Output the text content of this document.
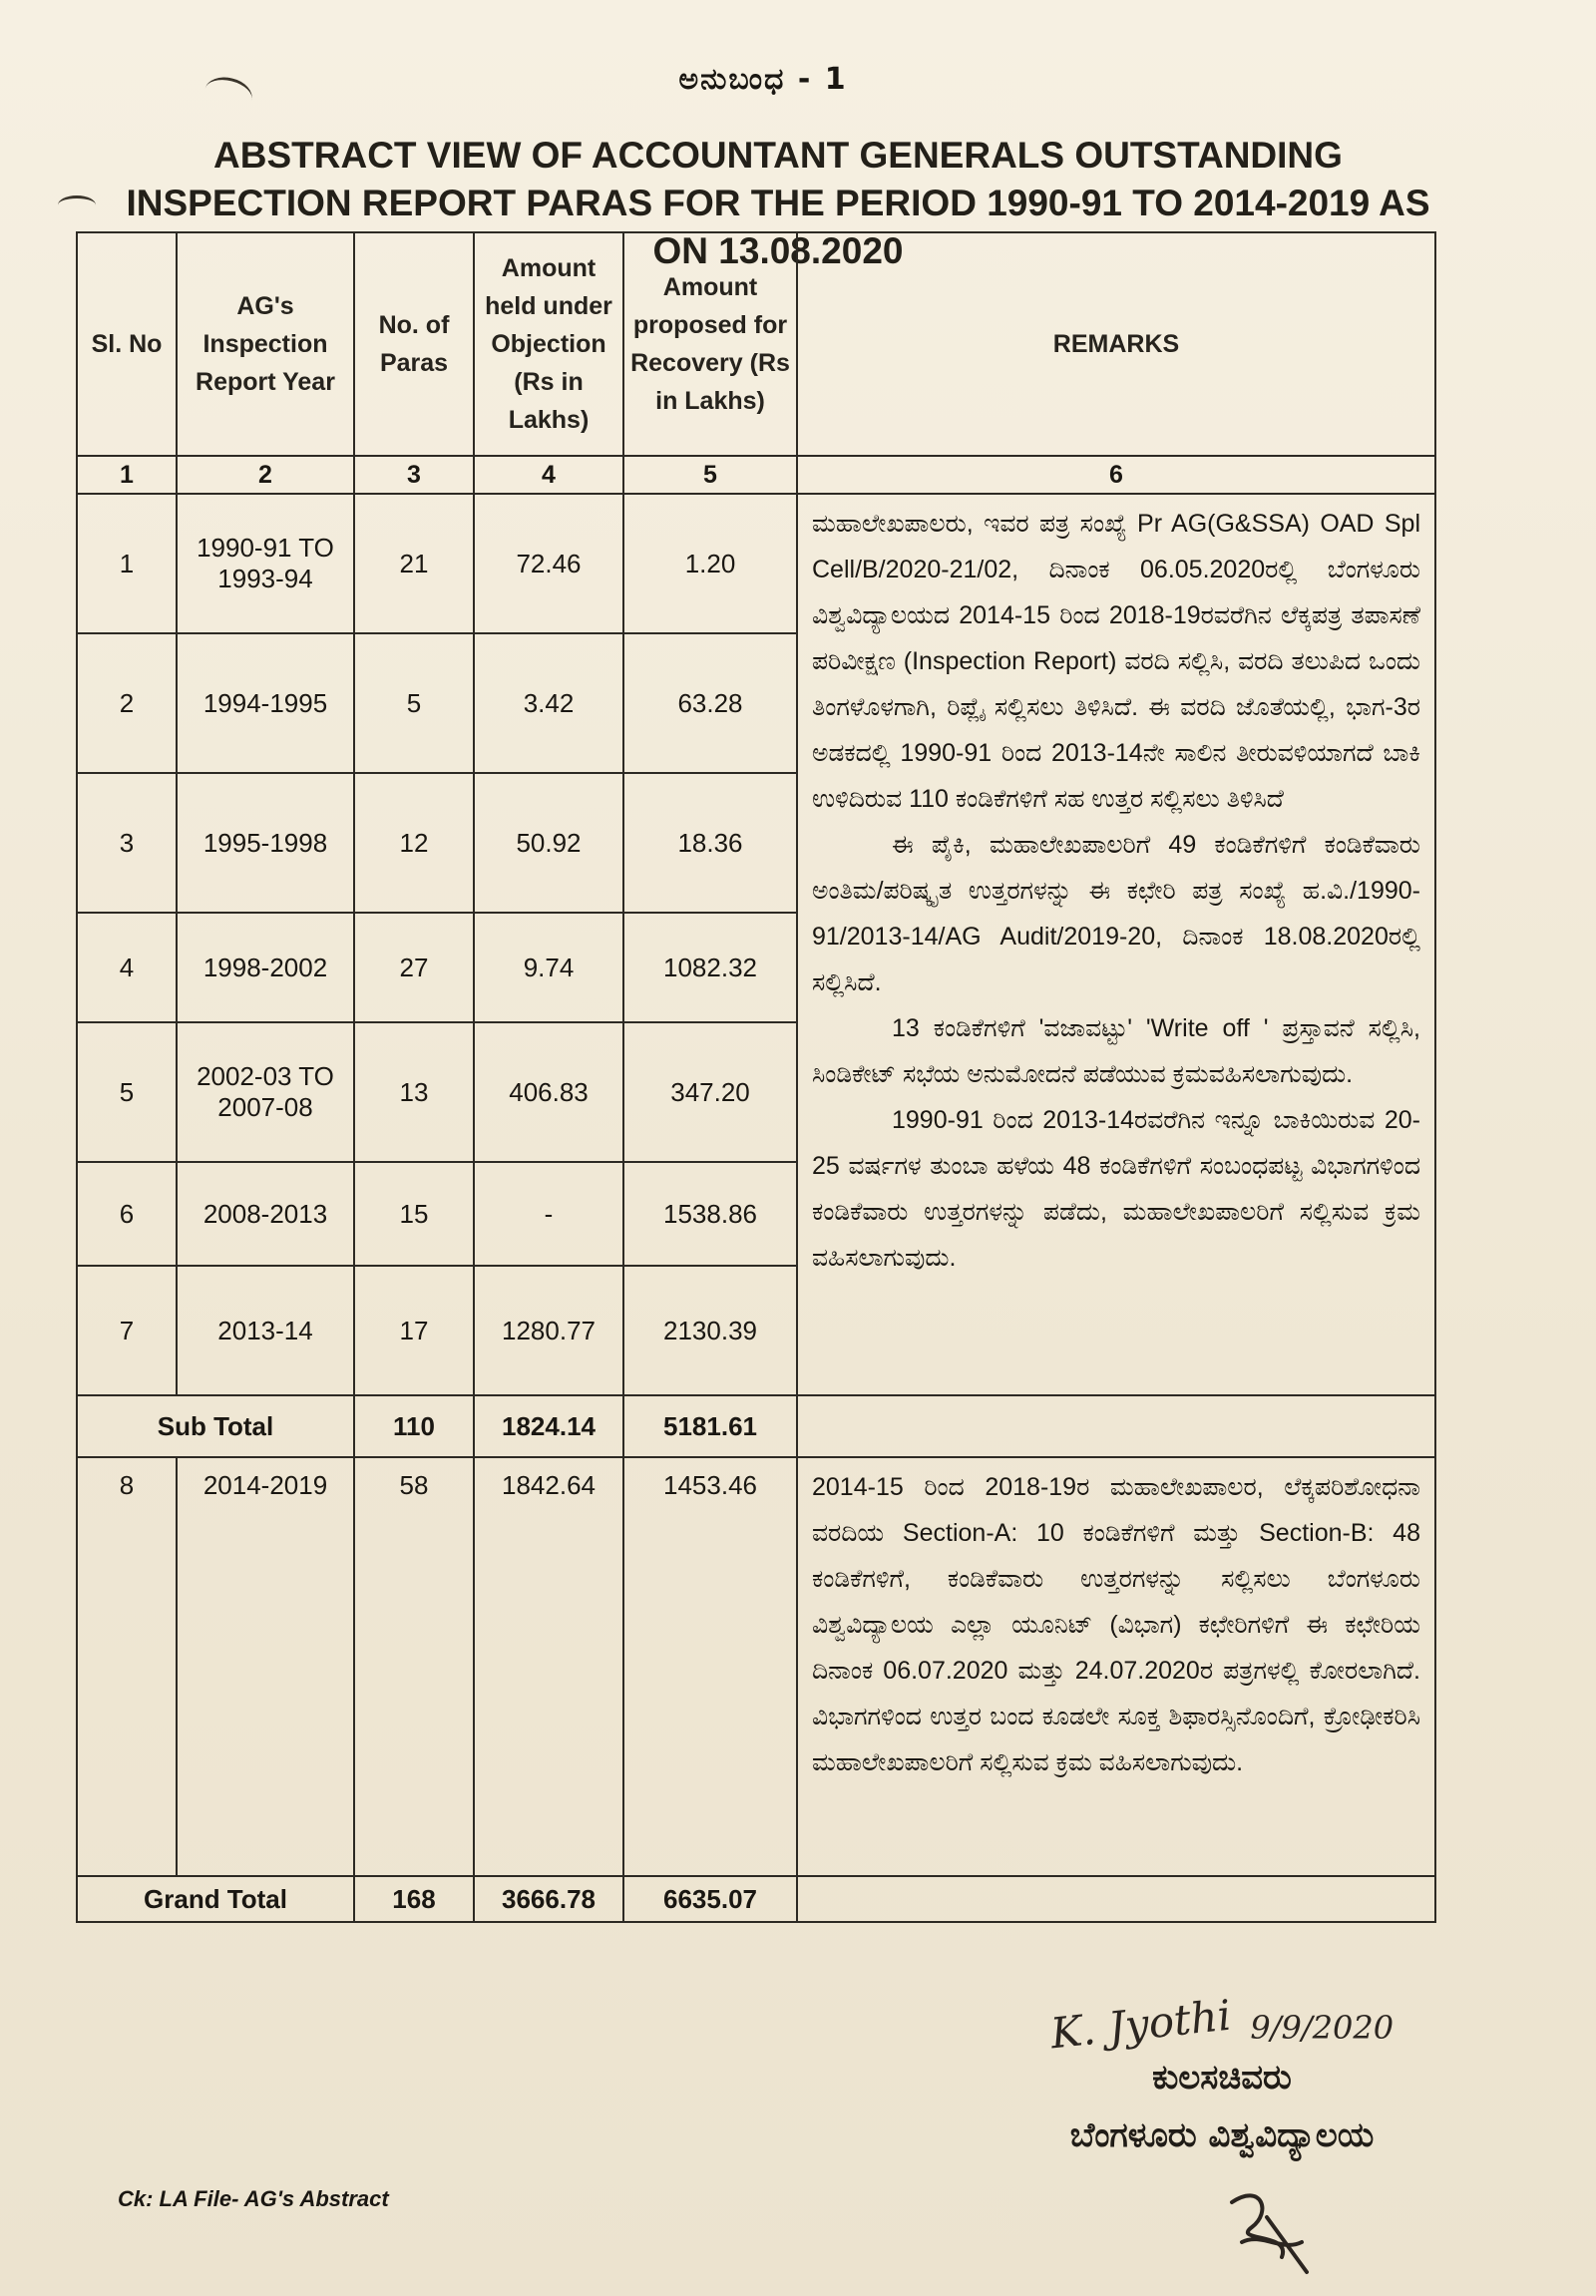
ಅನುಬಂಧ - 1
ABSTRACT VIEW OF ACCOUNTANT GENERALS OUTSTANDING INSPECTION REPORT PARAS FOR THE PERIOD 1990-91 TO 2014-2019 AS ON 13.08.2020
Sl. No	AG's Inspection Report Year	No. of Paras	Amount held under Objection (Rs in Lakhs)	Amount proposed for Recovery (Rs in Lakhs)	REMARKS
1	2	3	4	5	6
1	1990-91 TO 1993-94	21	72.46	1.20	ಮಹಾಲೇಖಪಾಲರು, ಇವರ ಪತ್ರ ಸಂಖ್ಯೆ Pr AG(G&SSA) OAD Spl Cell/B/2020-21/02, ದಿನಾಂಕ 06.05.2020ರಲ್ಲಿ ಬೆಂಗಳೂರು ವಿಶ್ವವಿದ್ಯಾಲಯದ 2014-15 ರಿಂದ 2018-19ರವರೆಗಿನ ಲೆಕ್ಕಪತ್ರ ತಪಾಸಣೆ ಪರಿವೀಕ್ಷಣ (Inspection Report) ವರದಿ ಸಲ್ಲಿಸಿ, ವರದಿ ತಲುಪಿದ ಒಂದು ತಿಂಗಳೊಳಗಾಗಿ, ರಿಪ್ಲೈ ಸಲ್ಲಿಸಲು ತಿಳಿಸಿದೆ. ಈ ವರದಿ ಜೊತೆಯಲ್ಲಿ, ಭಾಗ-3ರ ಅಡಕದಲ್ಲಿ 1990-91 ರಿಂದ 2013-14ನೇ ಸಾಲಿನ ತೀರುವಳಿಯಾಗದೆ ಬಾಕಿ ಉಳಿದಿರುವ 110 ಕಂಡಿಕೆಗಳಿಗೆ ಸಹ ಉತ್ತರ ಸಲ್ಲಿಸಲು ತಿಳಿಸಿದೆ

ಈ ಪೈಕಿ, ಮಹಾಲೇಖಪಾಲರಿಗೆ 49 ಕಂಡಿಕೆಗಳಿಗೆ ಕಂಡಿಕೆವಾರು ಅಂತಿಮ/ಪರಿಷ್ಕೃತ ಉತ್ತರಗಳನ್ನು ಈ ಕಛೇರಿ ಪತ್ರ ಸಂಖ್ಯೆ ಹ.ವಿ./1990-91/2013-14/AG Audit/2019-20, ದಿನಾಂಕ 18.08.2020ರಲ್ಲಿ ಸಲ್ಲಿಸಿದೆ.

13 ಕಂಡಿಕೆಗಳಿಗೆ 'ವಜಾವಟ್ಟು' 'Write off ' ಪ್ರಸ್ತಾವನೆ ಸಲ್ಲಿಸಿ, ಸಿಂಡಿಕೇಟ್ ಸಭೆಯ ಅನುಮೋದನೆ ಪಡೆಯುವ ಕ್ರಮವಹಿಸಲಾಗುವುದು.

1990-91 ರಿಂದ 2013-14ರವರೆಗಿನ ಇನ್ನೂ ಬಾಕಿಯಿರುವ 20-25 ವರ್ಷಗಳ ತುಂಬಾ ಹಳೆಯ 48 ಕಂಡಿಕೆಗಳಿಗೆ ಸಂಬಂಧಪಟ್ಟ ವಿಭಾಗಗಳಿಂದ ಕಂಡಿಕೆವಾರು ಉತ್ತರಗಳನ್ನು ಪಡೆದು, ಮಹಾಲೇಖಪಾಲರಿಗೆ ಸಲ್ಲಿಸುವ ಕ್ರಮ ವಹಿಸಲಾಗುವುದು.

2	1994-1995	5	3.42	63.28	
3	1995-1998	12	50.92	18.36	
4	1998-2002	27	9.74	1082.32	
5	2002-03 TO 2007-08	13	406.83	347.20	
6	2008-2013	15	-	1538.86	
7	2013-14	17	1280.77	2130.39	
Sub Total		110	1824.14	5181.61	
8	2014-2019	58	1842.64	1453.46	2014-15 ರಿಂದ 2018-19ರ ಮಹಾಲೇಖಪಾಲರ, ಲೆಕ್ಕಪರಿಶೋಧನಾ ವರದಿಯ Section-A: 10 ಕಂಡಿಕೆಗಳಿಗೆ ಮತ್ತು Section-B: 48 ಕಂಡಿಕೆಗಳಿಗೆ, ಕಂಡಿಕೆವಾರು ಉತ್ತರಗಳನ್ನು ಸಲ್ಲಿಸಲು ಬೆಂಗಳೂರು ವಿಶ್ವವಿದ್ಯಾಲಯ ಎಲ್ಲಾ ಯೂನಿಟ್ (ವಿಭಾಗ) ಕಛೇರಿಗಳಿಗೆ ಈ ಕಛೇರಿಯ ದಿನಾಂಕ 06.07.2020 ಮತ್ತು 24.07.2020ರ ಪತ್ರಗಳಲ್ಲಿ ಕೋರಲಾಗಿದೆ. ವಿಭಾಗಗಳಿಂದ ಉತ್ತರ ಬಂದ ಕೂಡಲೇ ಸೂಕ್ತ ಶಿಫಾರಸ್ಸಿನೊಂದಿಗೆ, ಕ್ರೋಢೀಕರಿಸಿ ಮಹಾಲೇಖಪಾಲರಿಗೆ ಸಲ್ಲಿಸುವ ಕ್ರಮ ವಹಿಸಲಾಗುವುದು.

Grand Total		168	3666.78	6635.07	
K. Jyothi 9/9/2020
ಕುಲಸಚಿವರು
ಬೆಂಗಳೂರು ವಿಶ್ವವಿದ್ಯಾಲಯ
Ck: LA File- AG's Abstract
